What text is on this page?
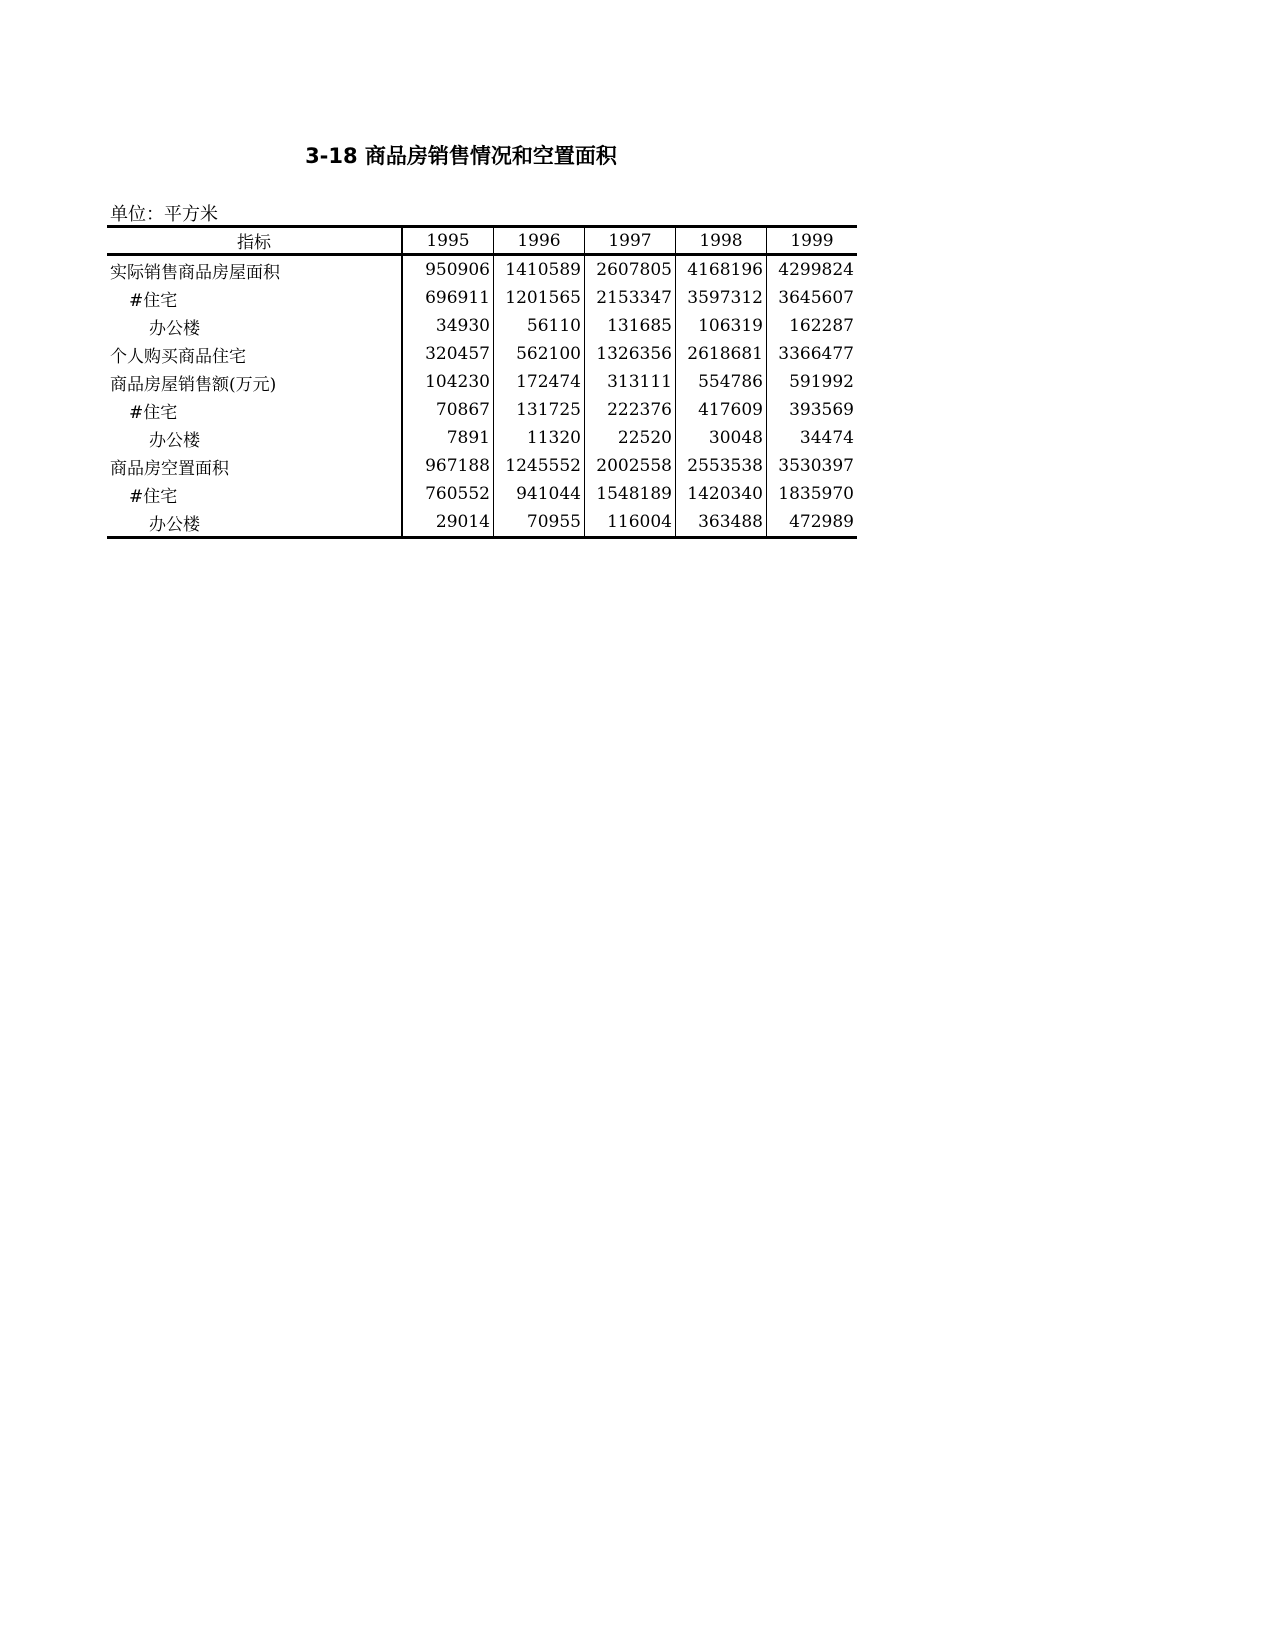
3-18 商品房销售情况和空置面积
单位：平方米
指标	1995	1996	1997	1998	1999
实际销售商品房屋面积	950906	1410589	2607805	4168196	4299824
#住宅	696911	1201565	2153347	3597312	3645607
办公楼	34930	56110	131685	106319	162287
个人购买商品住宅	320457	562100	1326356	2618681	3366477
商品房屋销售额(万元)	104230	172474	313111	554786	591992
#住宅	70867	131725	222376	417609	393569
办公楼	7891	11320	22520	30048	34474
商品房空置面积	967188	1245552	2002558	2553538	3530397
#住宅	760552	941044	1548189	1420340	1835970
办公楼	29014	70955	116004	363488	472989
